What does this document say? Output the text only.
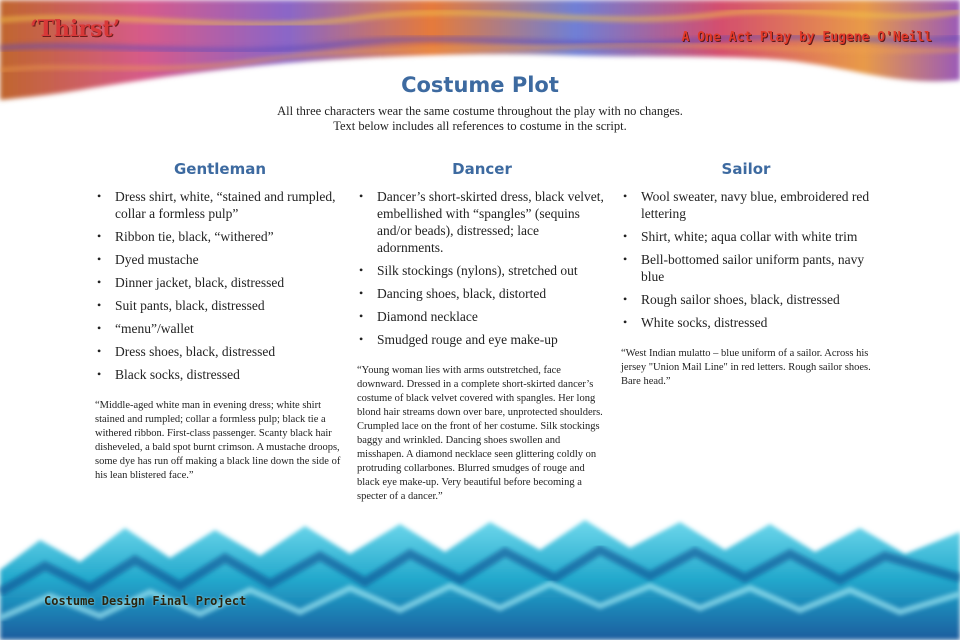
‘Thirst’	A One Act Play by Eugene O'Neill
Costume Plot
All three characters wear the same costume throughout the play with no changes.
Text below includes all references to costume in the script.
Gentleman
• Dress shirt, white, “stained and rumpled, collar a formless pulp”
• Ribbon tie, black, “withered”
• Dyed mustache
• Dinner jacket, black, distressed
• Suit pants, black, distressed
• “menu”/wallet
• Dress shoes, black, distressed
• Black socks, distressed
“Middle-aged white man in evening dress; white shirt stained and rumpled; collar a formless pulp; black tie a withered ribbon. First-class passenger. Scanty black hair disheveled, a bald spot burnt crimson. A mustache droops, some dye has run off making a black line down the side of his lean blistered face.”
Dancer
• Dancer’s short-skirted dress, black velvet, embellished with “spangles” (sequins and/or beads), distressed; lace adornments.
• Silk stockings (nylons), stretched out
• Dancing shoes, black, distorted
• Diamond necklace
• Smudged rouge and eye make-up
“Young woman lies with arms outstretched, face downward. Dressed in a complete short-skirted dancer’s costume of black velvet covered with spangles. Her long blond hair streams down over bare, unprotected shoulders. Crumpled lace on the front of her costume. Silk stockings baggy and wrinkled. Dancing shoes swollen and misshapen. A diamond necklace seen glittering coldly on protruding collarbones. Blurred smudges of rouge and black eye make-up. Very beautiful before becoming a specter of a dancer.”
Sailor
• Wool sweater, navy blue, embroidered red lettering
• Shirt, white; aqua collar with white trim
• Bell-bottomed sailor uniform pants, navy blue
• Rough sailor shoes, black, distressed
• White socks, distressed
“West Indian mulatto – blue uniform of a sailor. Across his jersey "Union Mail Line" in red letters. Rough sailor shoes. Bare head.”
Costume Design Final Project
